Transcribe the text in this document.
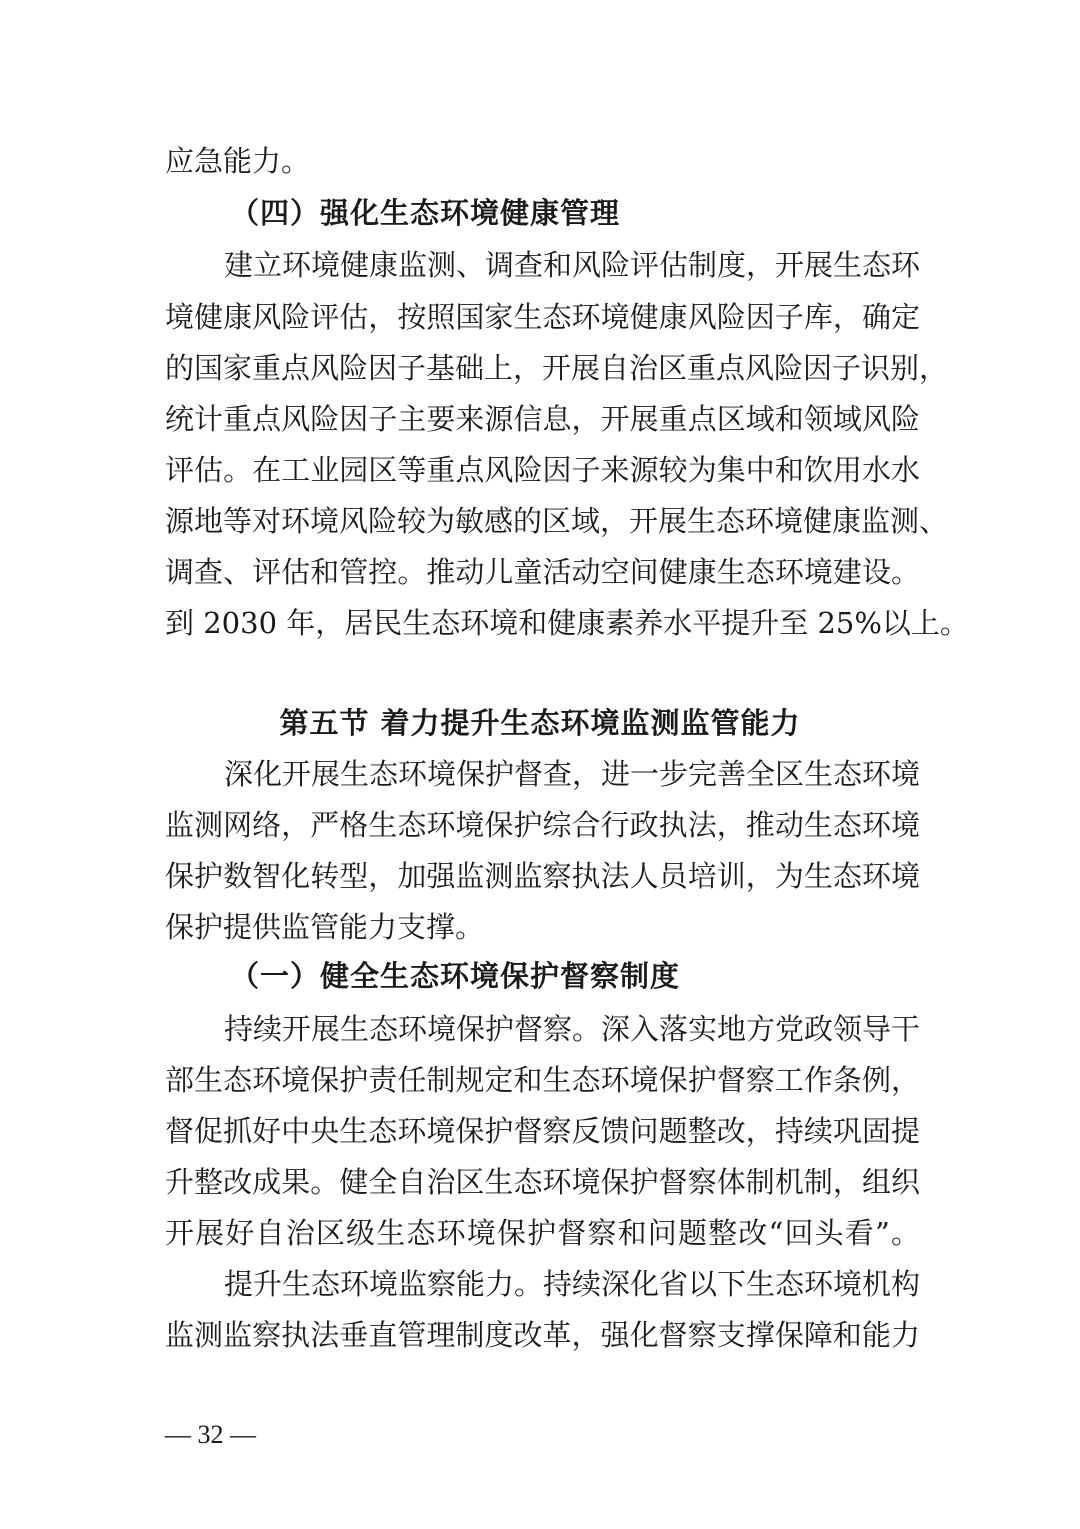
应急能力。
（四）强化生态环境健康管理
建立环境健康监测、调查和风险评估制度，开展生态环
境健康风险评估，按照国家生态环境健康风险因子库，确定
的国家重点风险因子基础上，开展自治区重点风险因子识别，
统计重点风险因子主要来源信息，开展重点区域和领域风险
评估。在工业园区等重点风险因子来源较为集中和饮用水水
源地等对环境风险较为敏感的区域，开展生态环境健康监测、
调查、评估和管控。推动儿童活动空间健康生态环境建设。
到 2030 年，居民生态环境和健康素养水平提升至 25%以上。
第五节 着力提升生态环境监测监管能力
深化开展生态环境保护督查，进一步完善全区生态环境
监测网络，严格生态环境保护综合行政执法，推动生态环境
保护数智化转型，加强监测监察执法人员培训，为生态环境
保护提供监管能力支撑。
（一）健全生态环境保护督察制度
持续开展生态环境保护督察。深入落实地方党政领导干
部生态环境保护责任制规定和生态环境保护督察工作条例，
督促抓好中央生态环境保护督察反馈问题整改，持续巩固提
升整改成果。健全自治区生态环境保护督察体制机制，组织
开展好自治区级生态环境保护督察和问题整改“回头看”。
提升生态环境监察能力。持续深化省以下生态环境机构
监测监察执法垂直管理制度改革，强化督察支撑保障和能力
— 32 —
